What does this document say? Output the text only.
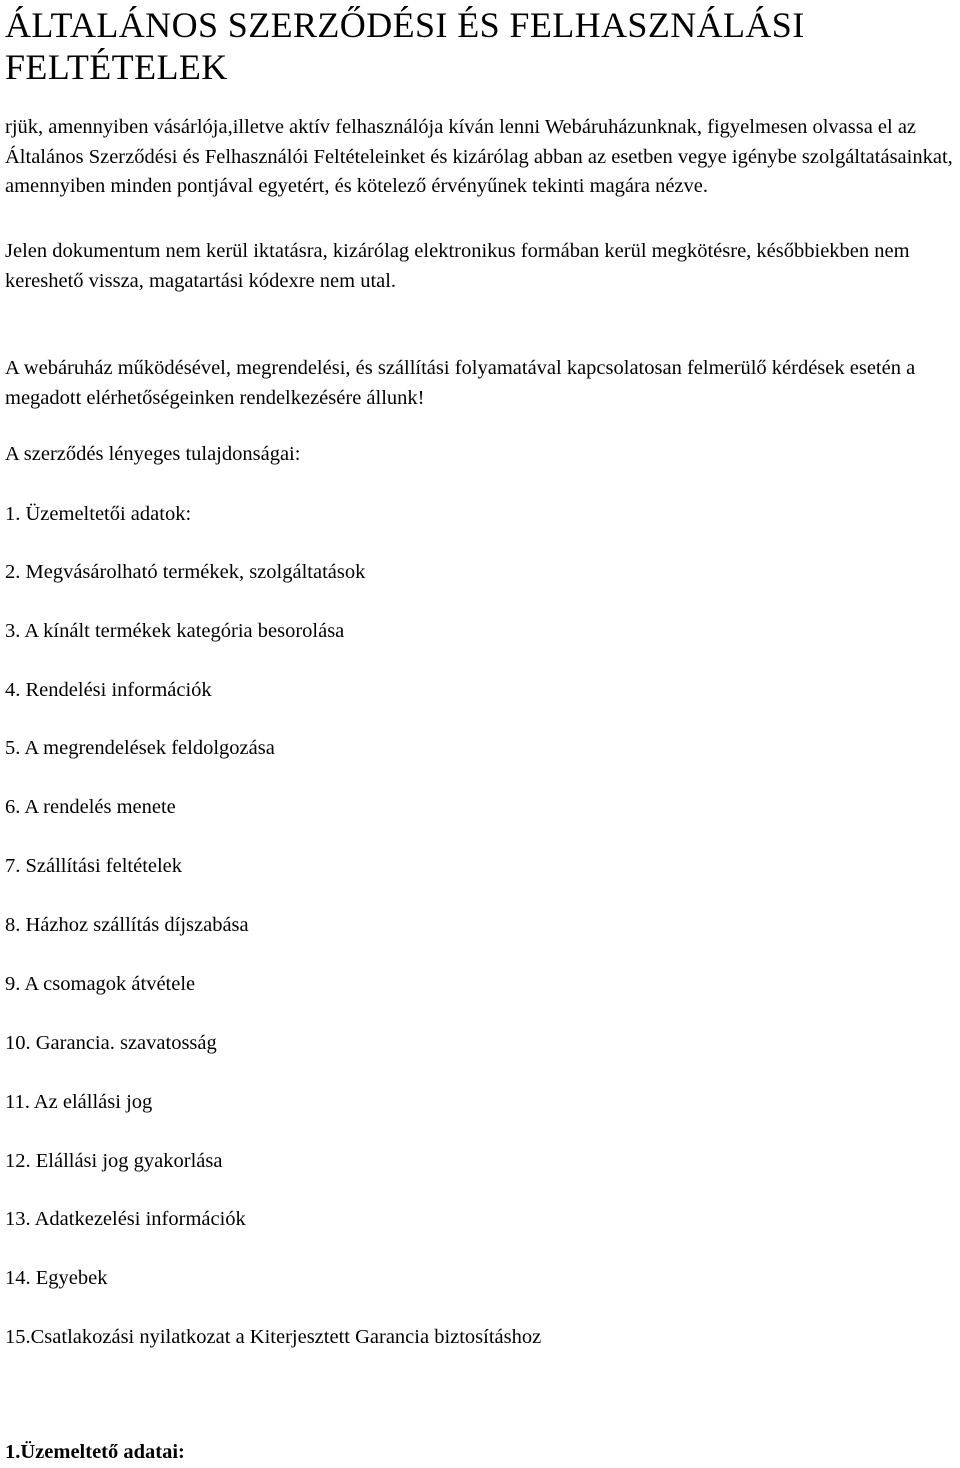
ÁLTALÁNOS SZERZŐDÉSI ÉS FELHASZNÁLÁSI FELTÉTELEK

rjük, amennyiben vásárlója,illetve aktív felhasználója kíván lenni Webáruházunknak, figyelmesen olvassa el az Általános Szerződési és Felhasználói Feltételeinket és kizárólag abban az esetben vegye igénybe szolgáltatásainkat, amennyiben minden pontjával egyetért, és kötelező érvényűnek tekinti magára nézve.

Jelen dokumentum nem kerül iktatásra, kizárólag elektronikus formában kerül megkötésre, későbbiekben nem kereshető vissza, magatartási kódexre nem utal.

A webáruház működésével, megrendelési, és szállítási folyamatával kapcsolatosan felmerülő kérdések esetén a megadott elérhetőségeinken rendelkezésére állunk!

A szerződés lényeges tulajdonságai:

1. Üzemeltetői adatok:

2. Megvásárolható termékek, szolgáltatások

3. A kínált termékek kategória besorolása

4. Rendelési információk

5. A megrendelések feldolgozása

6. A rendelés menete

7. Szállítási feltételek

8. Házhoz szállítás díjszabása

9. A csomagok átvétele

10. Garancia. szavatosság

11. Az elállási jog

12. Elállási jog gyakorlása

13. Adatkezelési információk

14. Egyebek

15.Csatlakozási nyilatkozat a Kiterjesztett Garancia biztosításhoz

1.Üzemeltető adatai:
